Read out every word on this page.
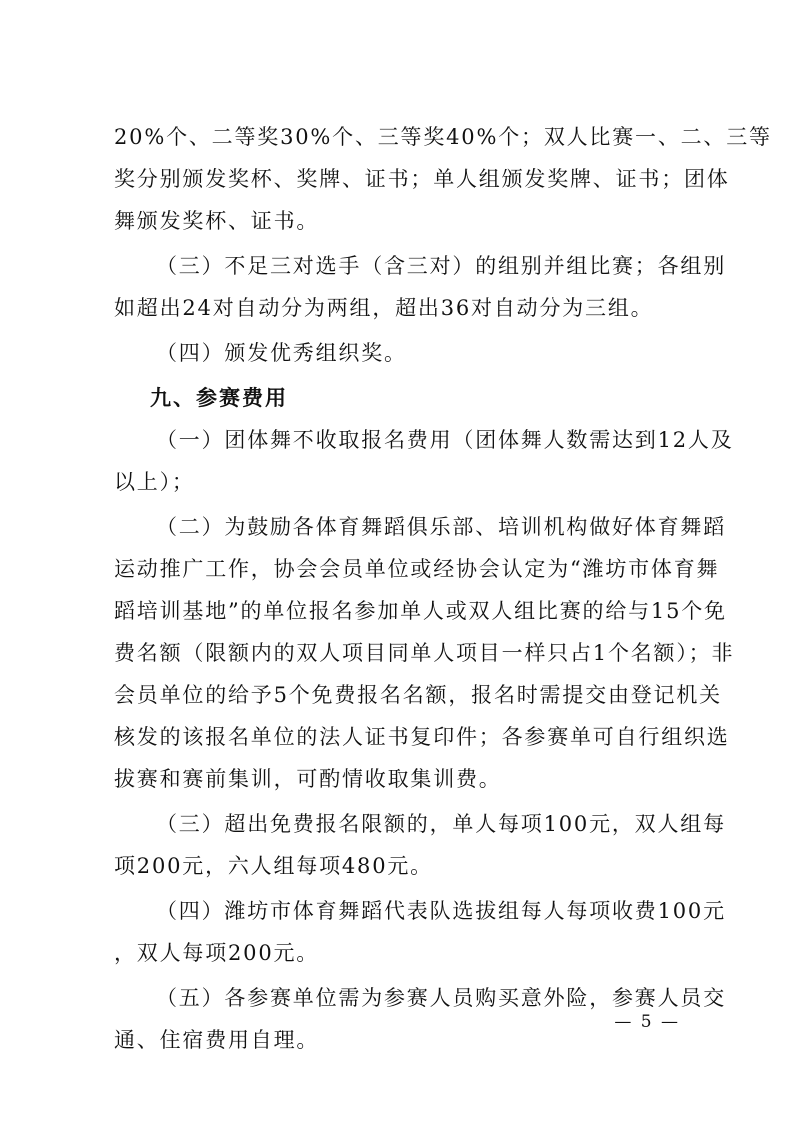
20%个、二等奖30%个、三等奖40%个；双人比赛一、二、三等
奖分别颁发奖杯、奖牌、证书；单人组颁发奖牌、证书；团体
舞颁发奖杯、证书。
（三）不足三对选手（含三对）的组别并组比赛；各组别
如超出24对自动分为两组，超出36对自动分为三组。
（四）颁发优秀组织奖。
九、参赛费用
（一）团体舞不收取报名费用（团体舞人数需达到12人及
以上）；
（二）为鼓励各体育舞蹈俱乐部、培训机构做好体育舞蹈
运动推广工作，协会会员单位或经协会认定为“潍坊市体育舞
蹈培训基地”的单位报名参加单人或双人组比赛的给与15个免
费名额（限额内的双人项目同单人项目一样只占1个名额）；非
会员单位的给予5个免费报名名额，报名时需提交由登记机关
核发的该报名单位的法人证书复印件；各参赛单可自行组织选
拔赛和赛前集训，可酌情收取集训费。
（三）超出免费报名限额的，单人每项100元，双人组每
项200元，六人组每项480元。
（四）潍坊市体育舞蹈代表队选拔组每人每项收费100元
，双人每项200元。
（五）各参赛单位需为参赛人员购买意外险，参赛人员交
通、住宿费用自理。
— 5 —
